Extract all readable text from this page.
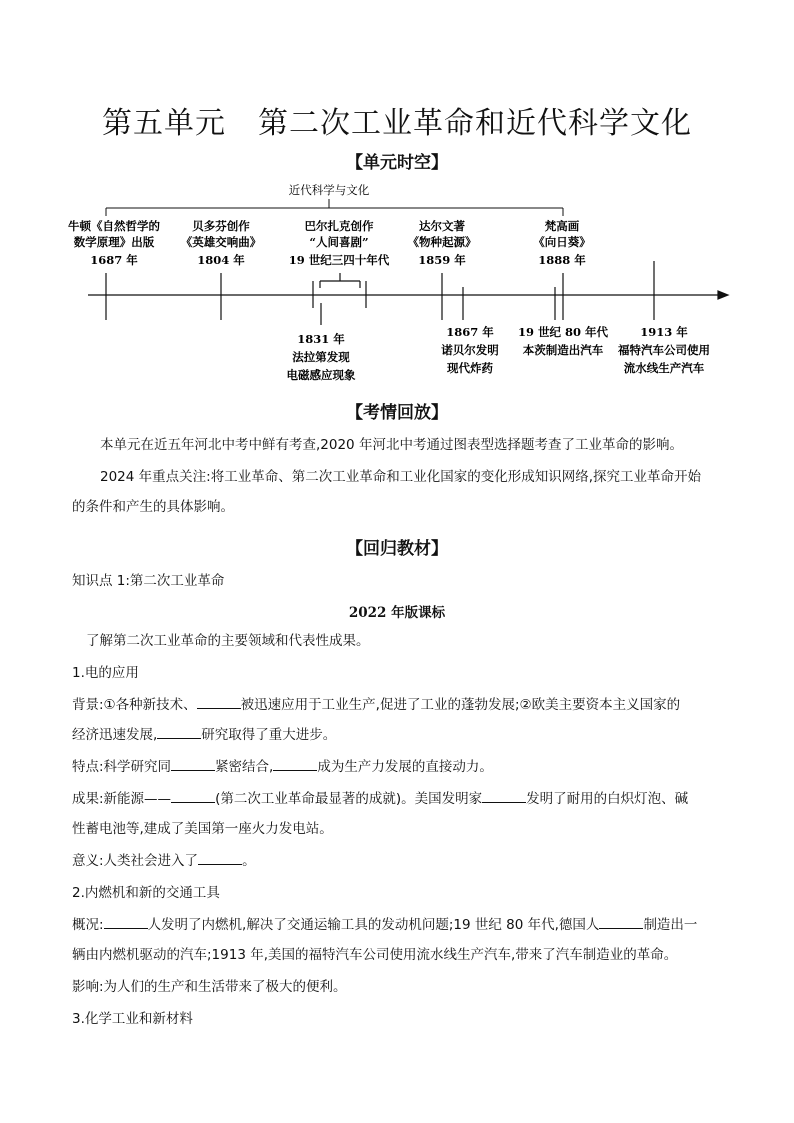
第五单元 第二次工业革命和近代科学文化
【单元时空】
近代科学与文化
牛顿《自然哲学的
数学原理》出版
1687 年
贝多芬创作
《英雄交响曲》
1804 年
巴尔扎克创作
“人间喜剧”
19 世纪三四十年代
达尔文著
《物种起源》
1859 年
梵高画
《向日葵》
1888 年
1831 年
法拉第发现
电磁感应现象
1867 年
诺贝尔发明
现代炸药
19 世纪 80 年代
本茨制造出汽车
1913 年
福特汽车公司使用
流水线生产汽车
【考情回放】
本单元在近五年河北中考中鲜有考查,2020 年河北中考通过图表型选择题考查了工业革命的影响。
2024 年重点关注:将工业革命、第二次工业革命和工业化国家的变化形成知识网络,探究工业革命开始
的条件和产生的具体影响。
【回归教材】
知识点 1:第二次工业革命
2022 年版课标
了解第二次工业革命的主要领域和代表性成果。
1.电的应用
背景:①各种新技术、	被迅速应用于工业生产,促进了工业的蓬勃发展;②欧美主要资本主义国家的
经济迅速发展,	研究取得了重大进步。
特点:科学研究同	紧密结合,	成为生产力发展的直接动力。
成果:新能源——	(第二次工业革命最显著的成就)。美国发明家	发明了耐用的白炽灯泡、碱
性蓄电池等,建成了美国第一座火力发电站。
意义:人类社会进入了	。
2.内燃机和新的交通工具
概况:	人发明了内燃机,解决了交通运输工具的发动机问题;19 世纪 80 年代,德国人	制造出一
辆由内燃机驱动的汽车;1913 年,美国的福特汽车公司使用流水线生产汽车,带来了汽车制造业的革命。
影响:为人们的生产和生活带来了极大的便利。
3.化学工业和新材料
